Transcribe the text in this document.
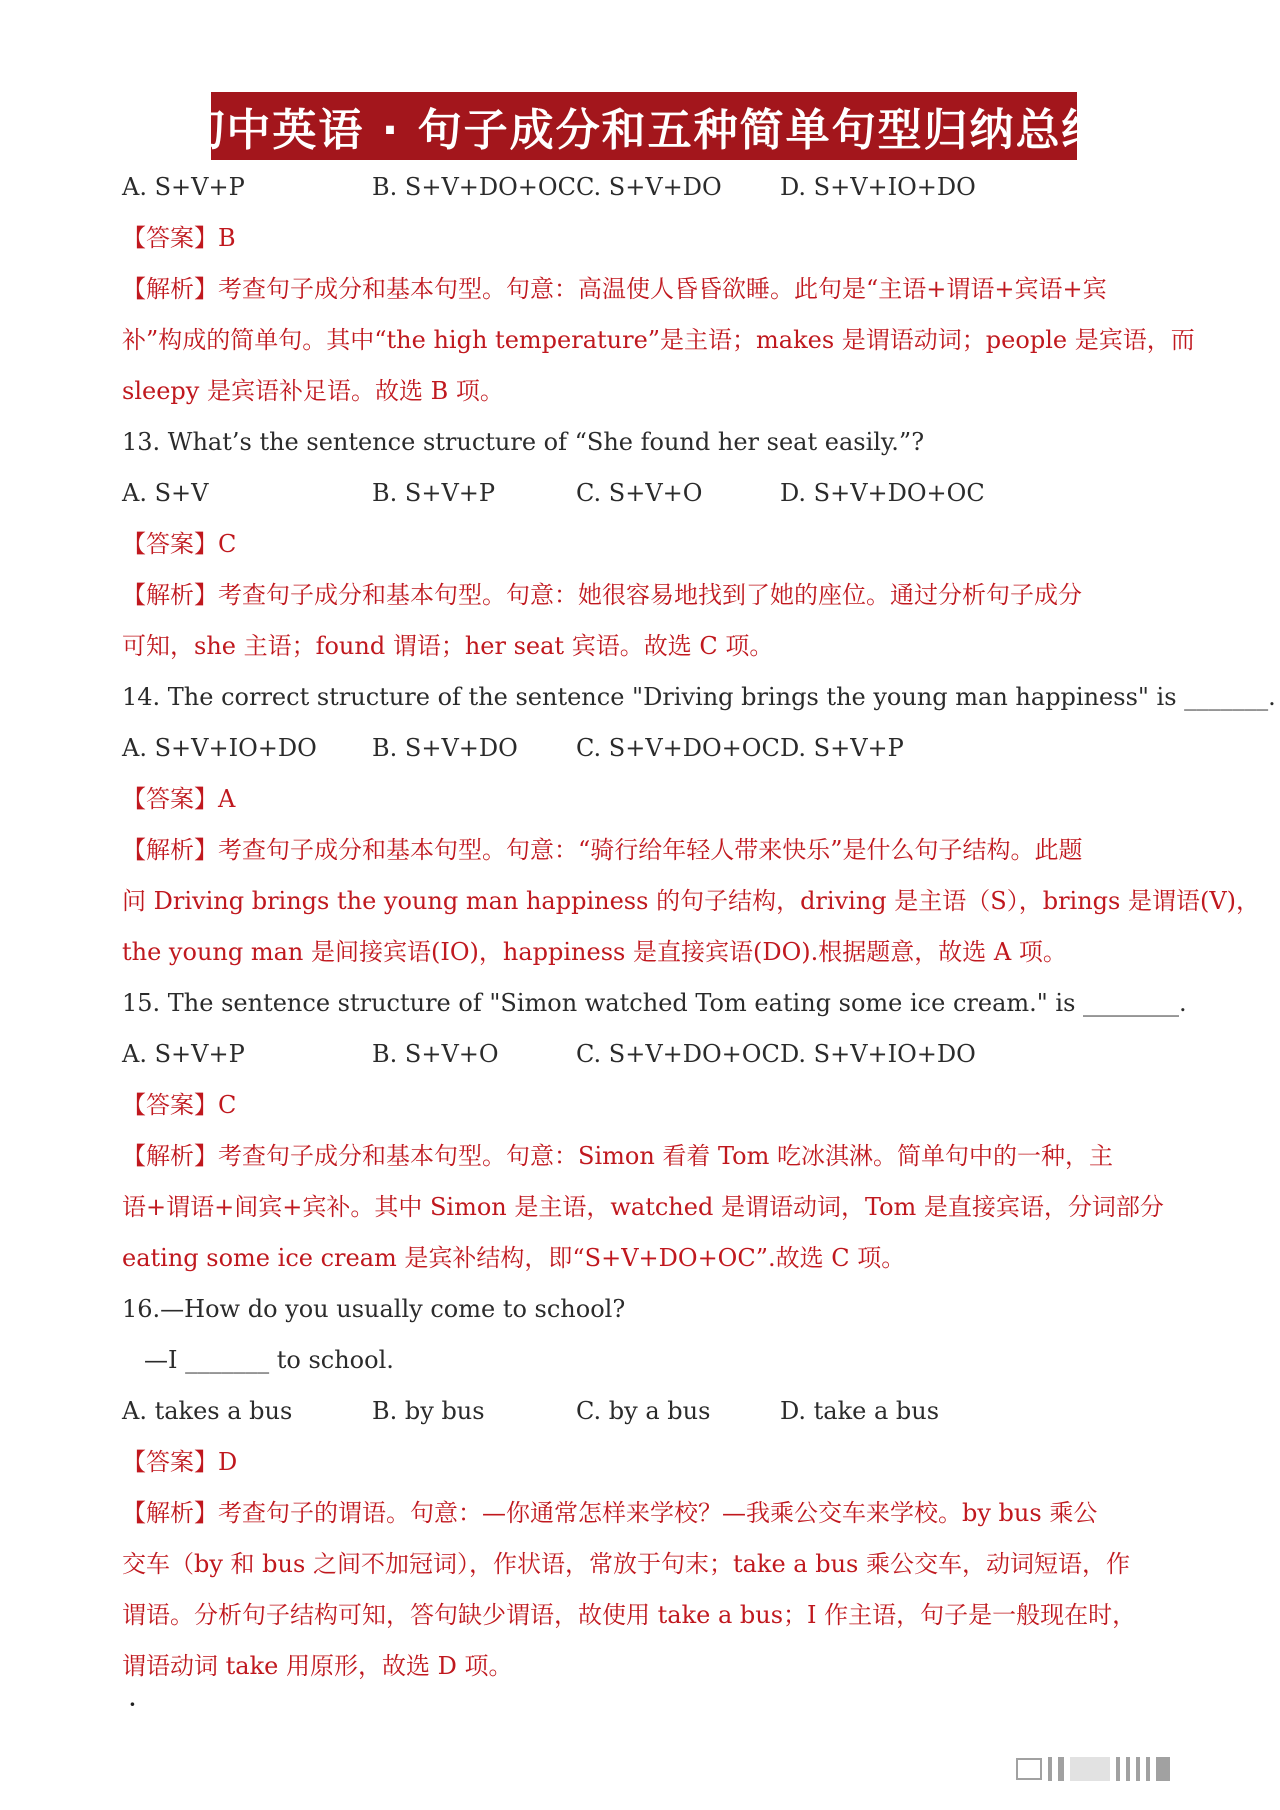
初中英语 · 句子成分和五种简单句型归纳总结
A. S+V+P	B. S+V+DO+OC C. S+V+DO D. S+V+IO+DO
【答案】B
【解析】考查句子成分和基本句型。句意：高温使人昏昏欲睡。此句是“主语+谓语+宾语+宾
补”构成的简单句。其中“the high temperature”是主语；makes 是谓语动词；people 是宾语，而
sleepy 是宾语补足语。故选 B 项。
13. What’s the sentence structure of “She found her seat easily.”?
A. S+V	B. S+V+P	C. S+V+O	D. S+V+DO+OC
【答案】C
【解析】考查句子成分和基本句型。句意：她很容易地找到了她的座位。通过分析句子成分
可知，she 主语；found 谓语；her seat 宾语。故选 C 项。
14. The correct structure of the sentence "Driving brings the young man happiness" is _______.
A. S+V+IO+DO B. S+V+DO C. S+V+DO+OC D. S+V+P
【答案】A
【解析】考查句子成分和基本句型。句意：“骑行给年轻人带来快乐”是什么句子结构。此题
问 Driving brings the young man happiness 的句子结构，driving 是主语（S），brings 是谓语(V)，
the young man 是间接宾语(IO)，happiness 是直接宾语(DO).根据题意，故选 A 项。
15. The sentence structure of "Simon watched Tom eating some ice cream." is ________.
A. S+V+P	B. S+V+O	C. S+V+DO+OC D. S+V+IO+DO
【答案】C
【解析】考查句子成分和基本句型。句意：Simon 看着 Tom 吃冰淇淋。简单句中的一种，主
语+谓语+间宾+宾补。其中 Simon 是主语，watched 是谓语动词，Tom 是直接宾语，分词部分
eating some ice cream 是宾补结构，即“S+V+DO+OC”.故选 C 项。
16.—How do you usually come to school?
—I _______ to school.
A. takes a bus	B. by bus	C. by a bus	D. take a bus
【答案】D
【解析】考查句子的谓语。句意：—你通常怎样来学校？—我乘公交车来学校。by bus 乘公
交车（by 和 bus 之间不加冠词），作状语，常放于句末；take a bus 乘公交车，动词短语，作
谓语。分析句子结构可知，答句缺少谓语，故使用 take a bus；I 作主语，句子是一般现在时，
谓语动词 take 用原形，故选 D 项。
·
